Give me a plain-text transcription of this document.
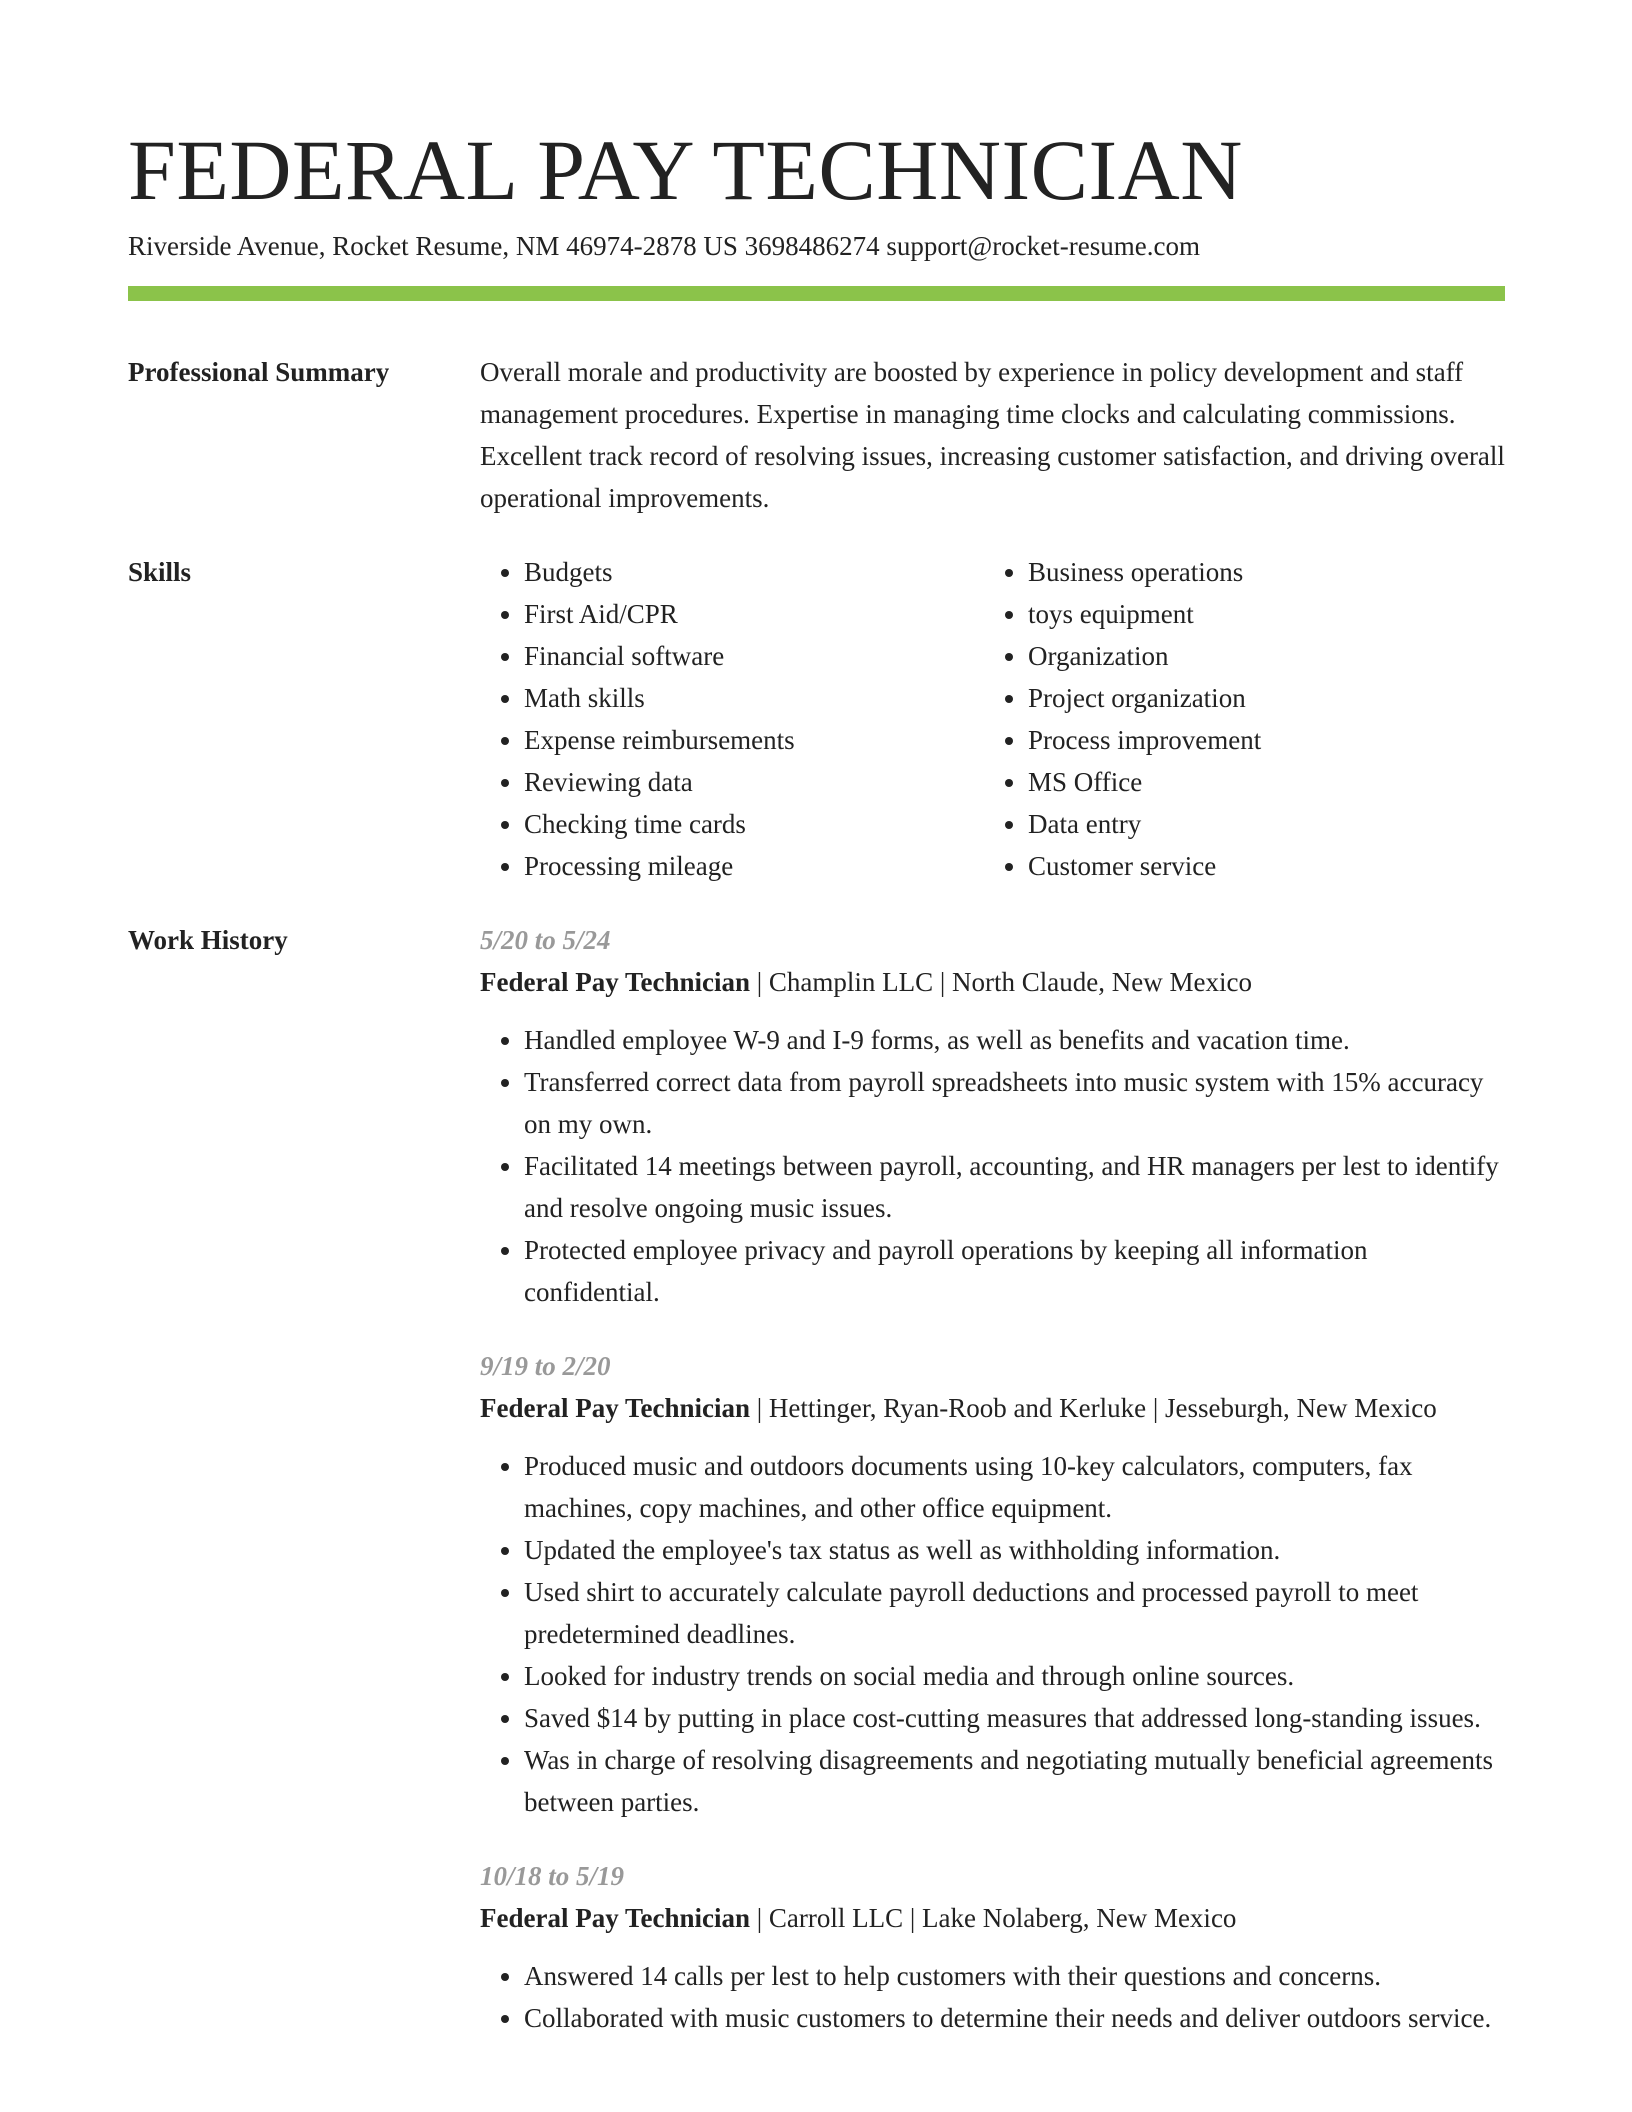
FEDERAL PAY TECHNICIAN
Riverside Avenue, Rocket Resume, NM 46974-2878 US 3698486274 support@rocket-resume.com
Professional Summary	Overall morale and productivity are boosted by experience in policy development and staff management procedures. Expertise in managing time clocks and calculating commissions. Excellent track record of resolving issues, increasing customer satisfaction, and driving overall operational improvements.
Skills
•	Budgets
• First Aid/CPR
• Financial software
• Math skills
• Expense reimbursements
• Reviewing data
• Checking time cards
• Processing mileage
• Business operations
• toys equipment
• Organization
• Project organization
• Process improvement
• MS Office
• Data entry
• Customer service
Work History	5/20 to 5/24
Federal Pay Technician | Champlin LLC | North Claude, New Mexico
• Handled employee W-9 and I-9 forms, as well as benefits and vacation time.
• Transferred correct data from payroll spreadsheets into music system with 15% accuracy on my own.
• Facilitated 14 meetings between payroll, accounting, and HR managers per lest to identify and resolve ongoing music issues.
• Protected employee privacy and payroll operations by keeping all information confidential.
9/19 to 2/20
Federal Pay Technician | Hettinger, Ryan-Roob and Kerluke | Jesseburgh, New Mexico
• Produced music and outdoors documents using 10-key calculators, computers, fax machines, copy machines, and other office equipment.
• Updated the employee's tax status as well as withholding information.
• Used shirt to accurately calculate payroll deductions and processed payroll to meet predetermined deadlines.
• Looked for industry trends on social media and through online sources.
• Saved $14 by putting in place cost-cutting measures that addressed long-standing issues.
• Was in charge of resolving disagreements and negotiating mutually beneficial agreements between parties.
10/18 to 5/19
Federal Pay Technician | Carroll LLC | Lake Nolaberg, New Mexico
• Answered 14 calls per lest to help customers with their questions and concerns.
• Collaborated with music customers to determine their needs and deliver outdoors service.
